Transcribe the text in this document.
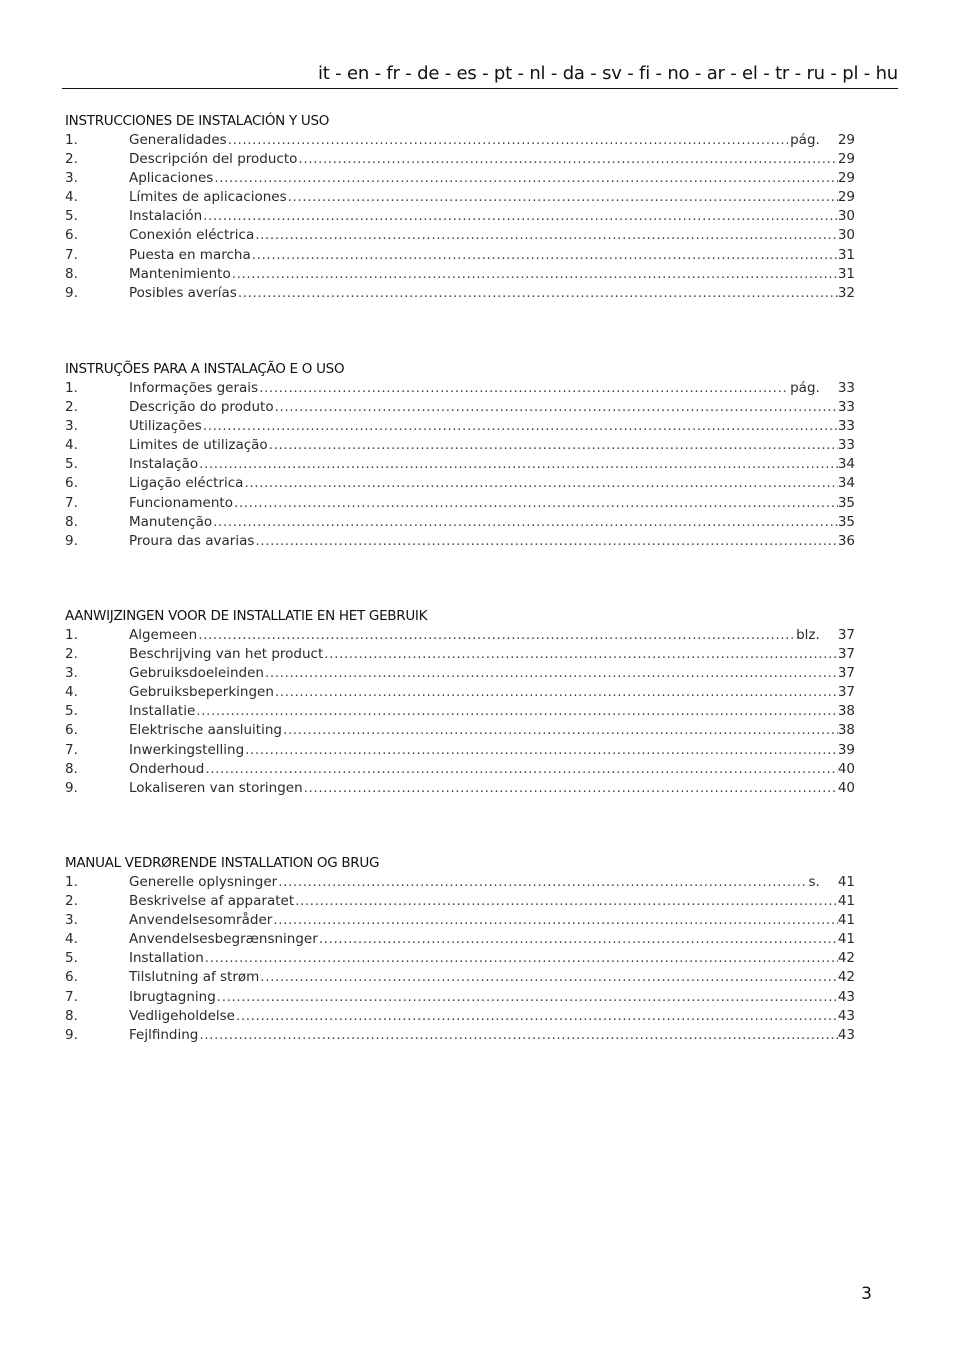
it - en - fr - de - es - pt - nl - da - sv - fi - no - ar - el - tr - ru - pl - hu
INSTRUCCIONES DE INSTALACIÓN Y USO
1.	Generalidades .....	pág.	29
2.	Descripción del producto .....	29
3.	Aplicaciones .....	29
4.	Límites de aplicaciones .....	29
5.	Instalación .....	30
6.	Conexión eléctrica .....	30
7.	Puesta en marcha .....	31
8.	Mantenimiento .....	31
9.	Posibles averías .....	32
INSTRUÇÕES PARA A INSTALAÇÃO E O USO
1.	Informações gerais .....	pág.	33
2.	Descrição do produto .....	33
3.	Utilizações .....	33
4.	Limites de utilização .....	33
5.	Instalação .....	34
6.	Ligação eléctrica .....	34
7.	Funcionamento .....	35
8.	Manutenção .....	35
9.	Proura das avarias .....	36
AANWIJZINGEN VOOR DE INSTALLATIE EN HET GEBRUIK
1.	Algemeen .....	blz.	37
2.	Beschrijving van het product .....	37
3.	Gebruiksdoeleinden .....	37
4.	Gebruiksbeperkingen .....	37
5.	Installatie .....	38
6.	Elektrische aansluiting .....	38
7.	Inwerkingstelling .....	39
8.	Onderhoud .....	40
9.	Lokaliseren van storingen .....	40
MANUAL VEDRØRENDE INSTALLATION OG BRUG
1.	Generelle oplysninger .....	s.	41
2.	Beskrivelse af apparatet .....	41
3.	Anvendelsesområder .....	41
4.	Anvendelsesbegrænsninger .....	41
5.	Installation .....	42
6.	Tilslutning af strøm .....	42
7.	Ibrugtagning .....	43
8.	Vedligeholdelse .....	43
9.	Fejlfinding .....	43
3
